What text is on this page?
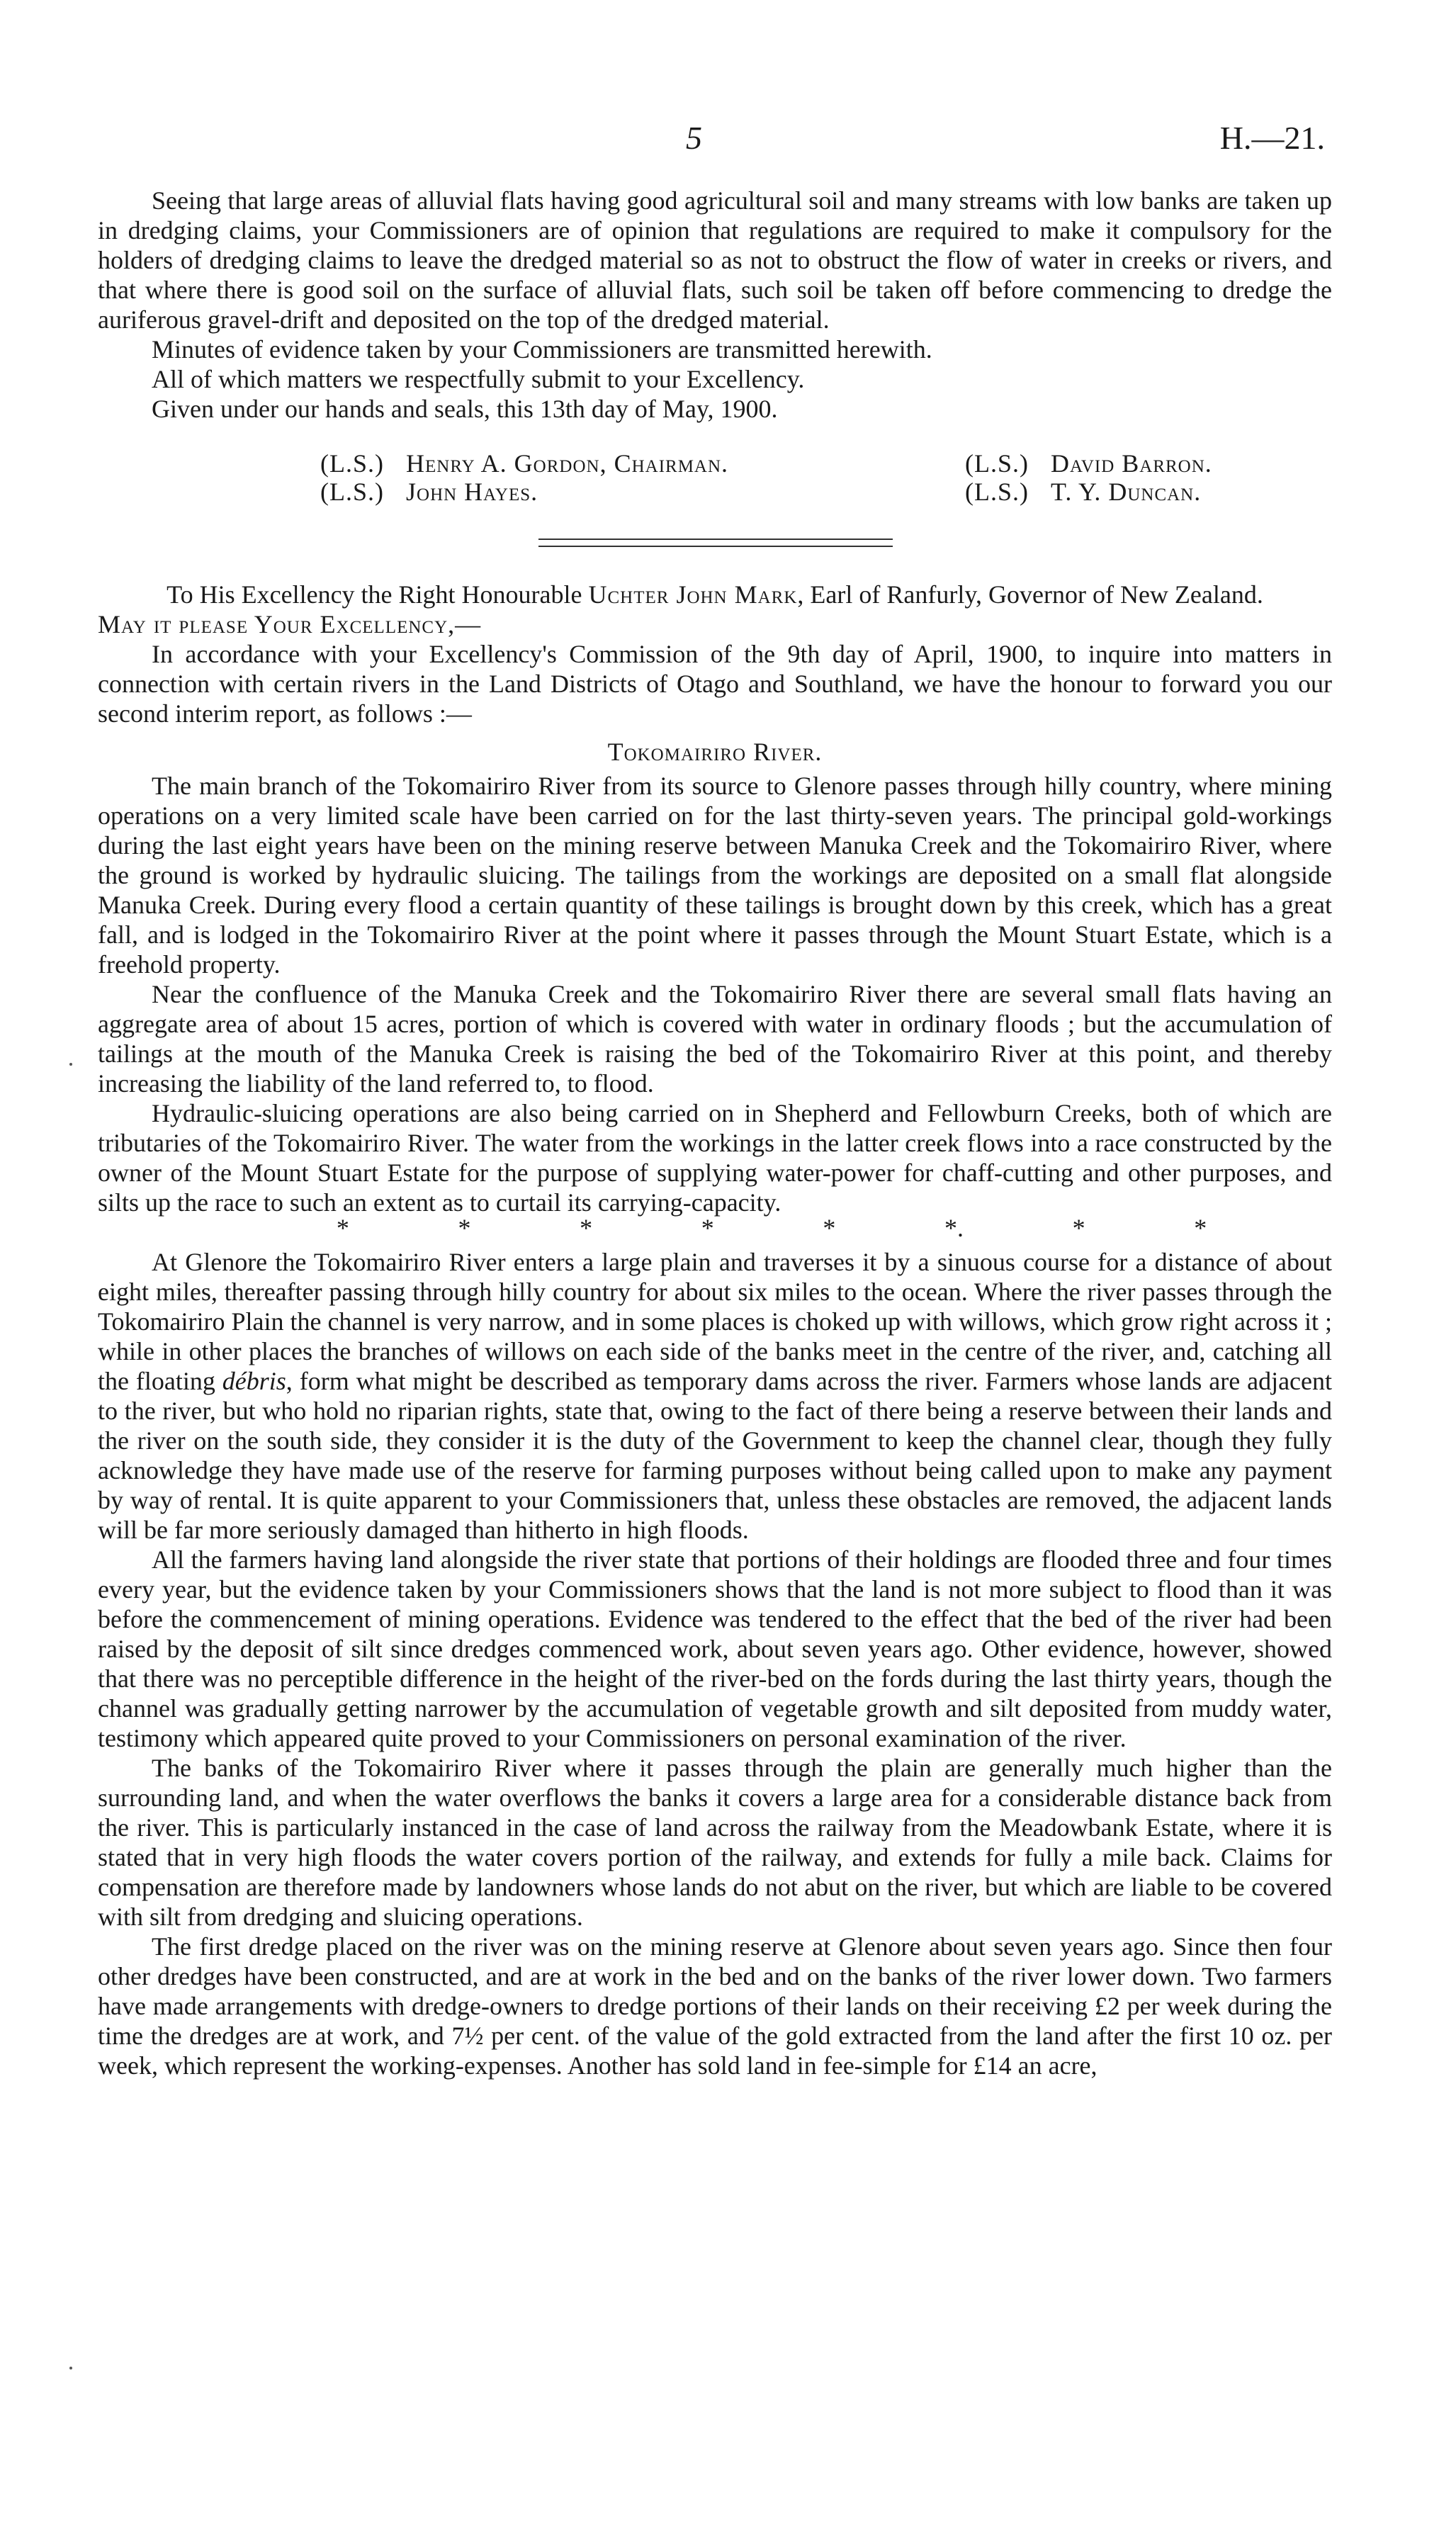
5	H.—21.

Seeing that large areas of alluvial flats having good agricultural soil and many streams with low banks are taken up in dredging claims, your Commissioners are of opinion that regulations are required to make it compulsory for the holders of dredging claims to leave the dredged material so as not to obstruct the flow of water in creeks or rivers, and that where there is good soil on the surface of alluvial flats, such soil be taken off before commencing to dredge the auriferous gravel-drift and deposited on the top of the dredged material.

Minutes of evidence taken by your Commissioners are transmitted herewith.

All of which matters we respectfully submit to your Excellency.

Given under our hands and seals, this 13th day of May, 1900.

(L.S.) Henry A. Gordon, Chairman.
(L.S.) John Hayes.
(L.S.) David Barron.
(L.S.) T. Y. Duncan.

To His Excellency the Right Honourable Uchter John Mark, Earl of Ranfurly, Governor of New Zealand.

May it please Your Excellency,—

In accordance with your Excellency's Commission of the 9th day of April, 1900, to inquire into matters in connection with certain rivers in the Land Districts of Otago and Southland, we have the honour to forward you our second interim report, as follows :—

Tokomairiro River.

The main branch of the Tokomairiro River from its source to Glenore passes through hilly country, where mining operations on a very limited scale have been carried on for the last thirty-seven years. The principal gold-workings during the last eight years have been on the mining reserve between Manuka Creek and the Tokomairiro River, where the ground is worked by hydraulic sluicing. The tailings from the workings are deposited on a small flat alongside Manuka Creek. During every flood a certain quantity of these tailings is brought down by this creek, which has a great fall, and is lodged in the Tokomairiro River at the point where it passes through the Mount Stuart Estate, which is a freehold property.

Near the confluence of the Manuka Creek and the Tokomairiro River there are several small flats having an aggregate area of about 15 acres, portion of which is covered with water in ordinary floods ; but the accumulation of tailings at the mouth of the Manuka Creek is raising the bed of the Tokomairiro River at this point, and thereby increasing the liability of the land referred to, to flood.

Hydraulic-sluicing operations are also being carried on in Shepherd and Fellowburn Creeks, both of which are tributaries of the Tokomairiro River. The water from the workings in the latter creek flows into a race constructed by the owner of the Mount Stuart Estate for the purpose of supplying water-power for chaff-cutting and other purposes, and silts up the race to such an extent as to curtail its carrying-capacity.

*	*	*	*	*	*.	*	*

At Glenore the Tokomairiro River enters a large plain and traverses it by a sinuous course for a distance of about eight miles, thereafter passing through hilly country for about six miles to the ocean. Where the river passes through the Tokomairiro Plain the channel is very narrow, and in some places is choked up with willows, which grow right across it ; while in other places the branches of willows on each side of the banks meet in the centre of the river, and, catching all the floating débris, form what might be described as temporary dams across the river. Farmers whose lands are adjacent to the river, but who hold no riparian rights, state that, owing to the fact of there being a reserve between their lands and the river on the south side, they consider it is the duty of the Government to keep the channel clear, though they fully acknowledge they have made use of the reserve for farming purposes without being called upon to make any payment by way of rental. It is quite apparent to your Commissioners that, unless these obstacles are removed, the adjacent lands will be far more seriously damaged than hitherto in high floods.

All the farmers having land alongside the river state that portions of their holdings are flooded three and four times every year, but the evidence taken by your Commissioners shows that the land is not more subject to flood than it was before the commencement of mining operations. Evidence was tendered to the effect that the bed of the river had been raised by the deposit of silt since dredges commenced work, about seven years ago. Other evidence, however, showed that there was no perceptible difference in the height of the river-bed on the fords during the last thirty years, though the channel was gradually getting narrower by the accumulation of vegetable growth and silt deposited from muddy water, testimony which appeared quite proved to your Commissioners on personal examination of the river.

The banks of the Tokomairiro River where it passes through the plain are generally much higher than the surrounding land, and when the water overflows the banks it covers a large area for a considerable distance back from the river. This is particularly instanced in the case of land across the railway from the Meadowbank Estate, where it is stated that in very high floods the water covers portion of the railway, and extends for fully a mile back. Claims for compensation are therefore made by landowners whose lands do not abut on the river, but which are liable to be covered with silt from dredging and sluicing operations.

The first dredge placed on the river was on the mining reserve at Glenore about seven years ago. Since then four other dredges have been constructed, and are at work in the bed and on the banks of the river lower down. Two farmers have made arrangements with dredge-owners to dredge portions of their lands on their receiving £2 per week during the time the dredges are at work, and 7½ per cent. of the value of the gold extracted from the land after the first 10 oz. per week, which represent the working-expenses. Another has sold land in fee-simple for £14 an acre,
